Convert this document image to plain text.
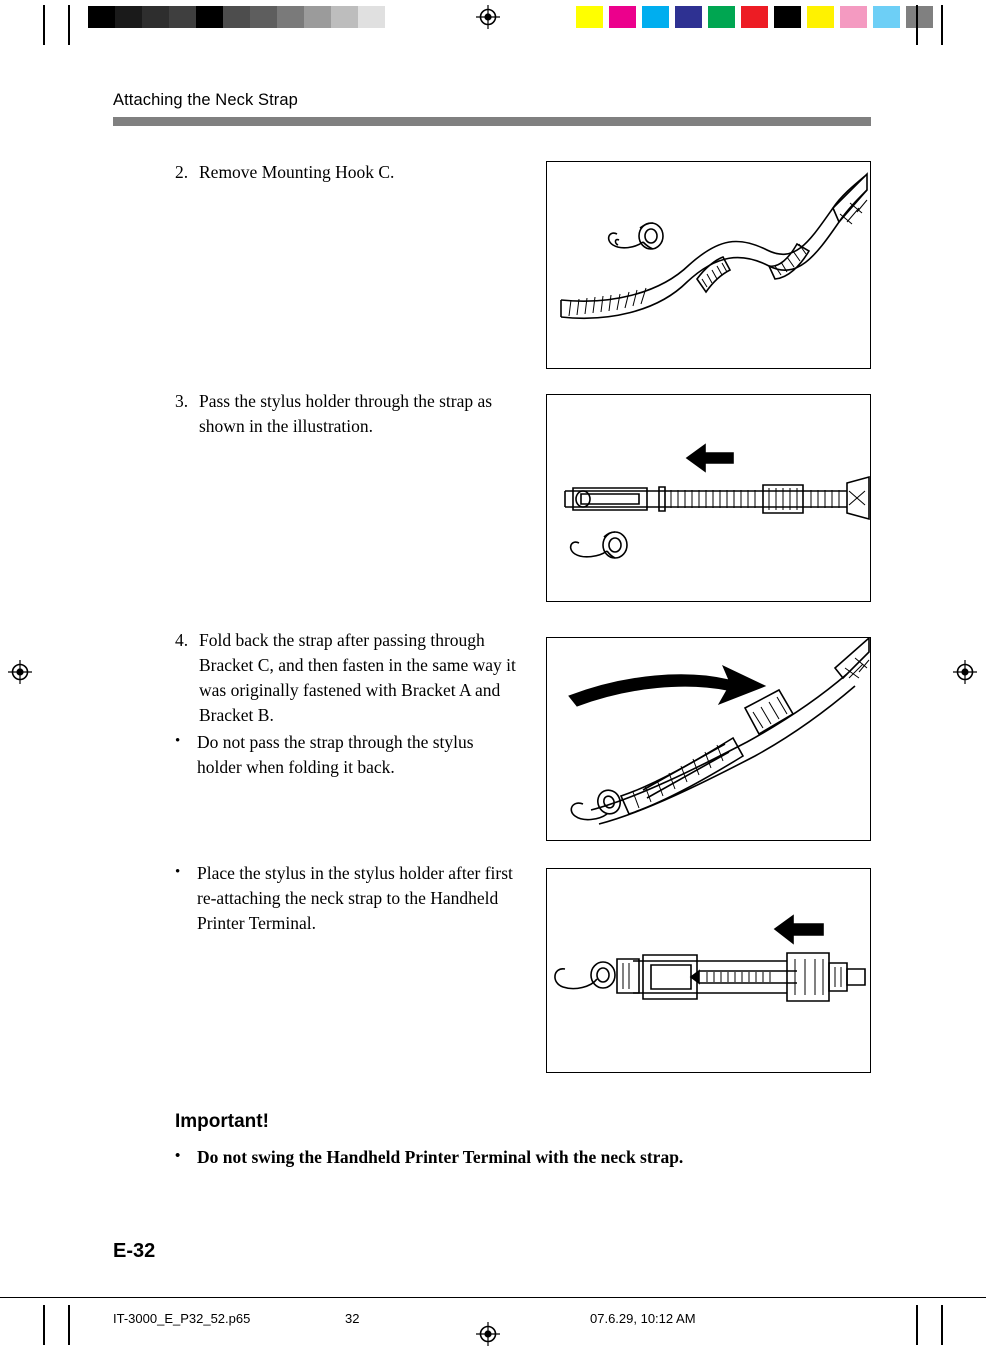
Attaching the Neck Strap
2. Remove Mounting Hook C.
3. Pass the stylus holder through the strap as shown in the illustration.
4. Fold back the strap after passing through Bracket C, and then fasten in the same way it was originally fastened with Bracket A and Bracket B.
• Do not pass the strap through the stylus holder when folding it back.
• Place the stylus in the stylus holder after first re-attaching the neck strap to the Handheld Printer Terminal.
Important!
• Do not swing the Handheld Printer Terminal with the neck strap.
E-32
IT-3000_E_P32_52.p65	32	07.6.29, 10:12 AM
